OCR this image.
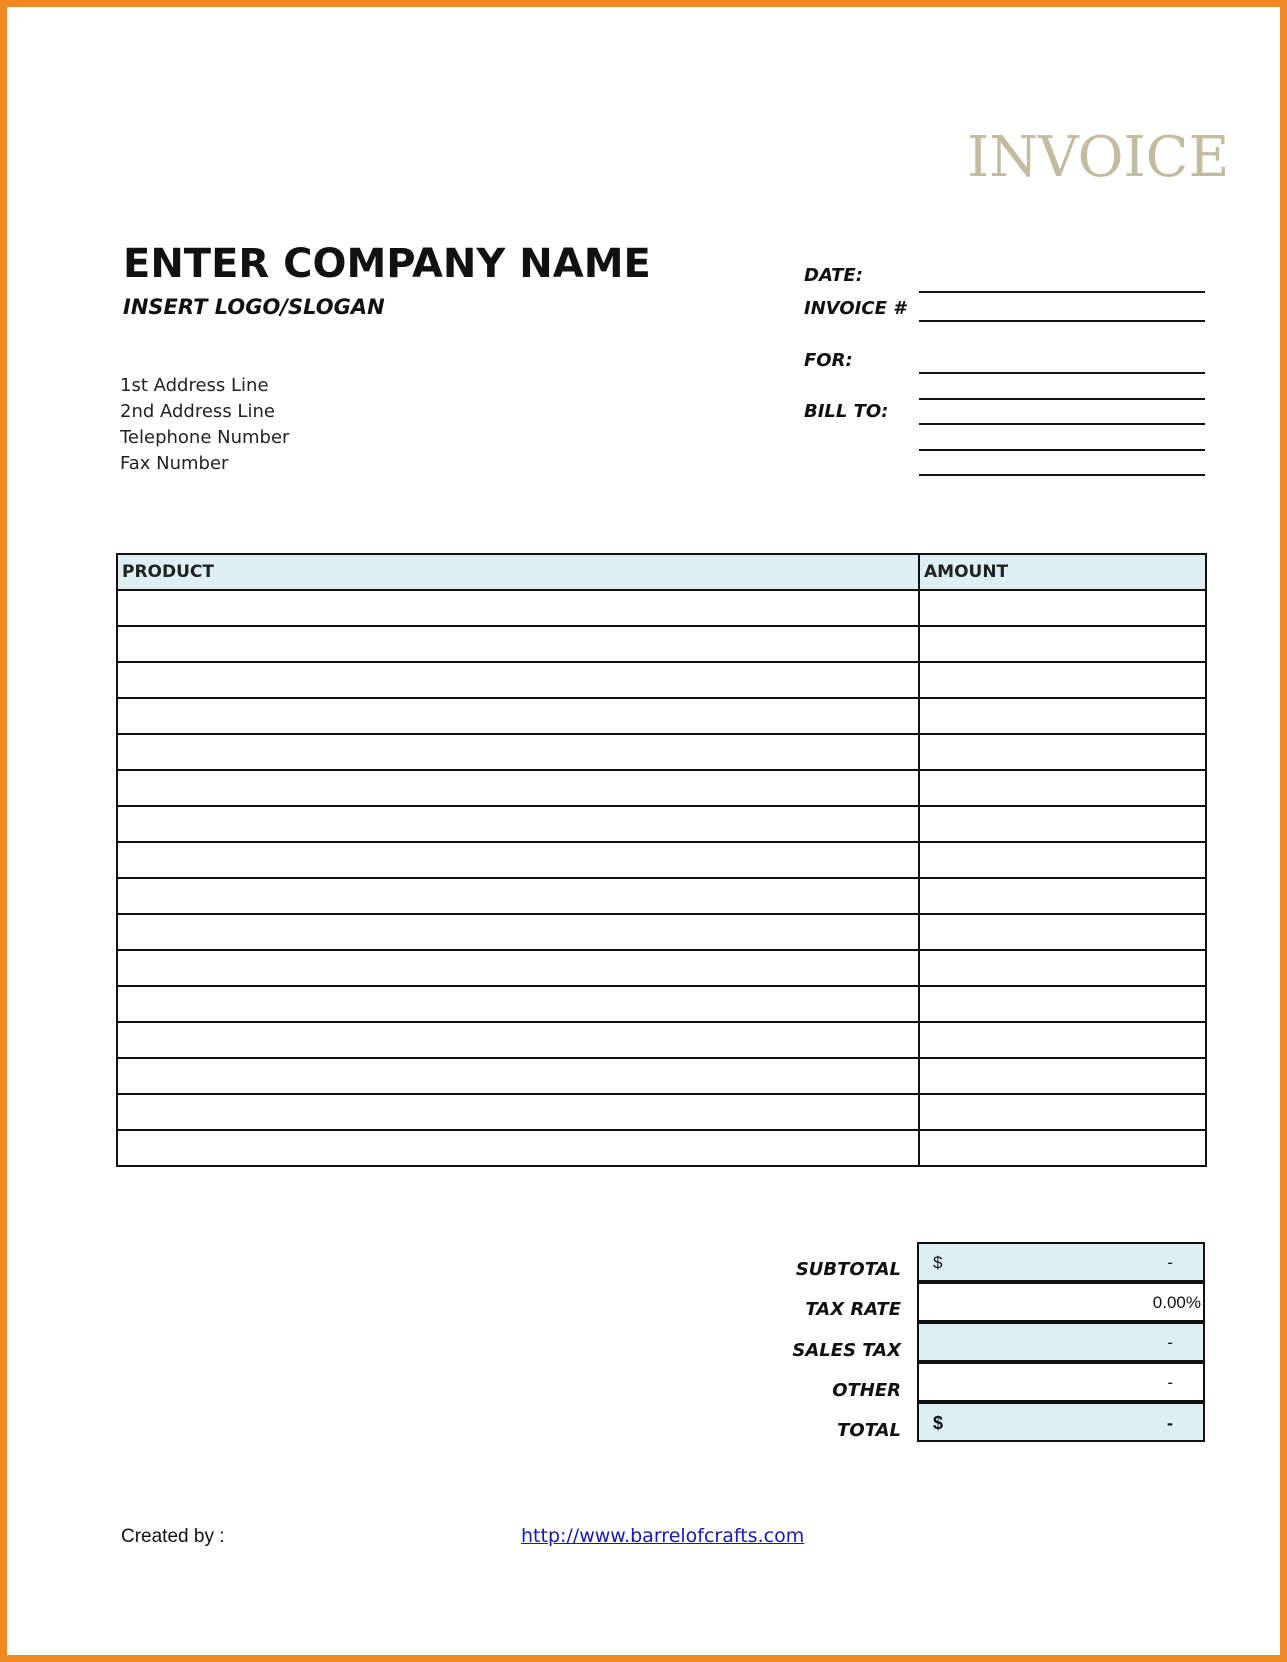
INVOICE
ENTER COMPANY NAME
INSERT LOGO/SLOGAN
1st Address Line
2nd Address Line
Telephone Number
Fax Number
DATE:
INVOICE #
FOR:
BILL TO:
PRODUCT	AMOUNT

SUBTOTAL $	-
TAX RATE	0.00%
SALES TAX	-
OTHER	-
TOTAL $	-
Created by :	http://www.barrelofcrafts.com
